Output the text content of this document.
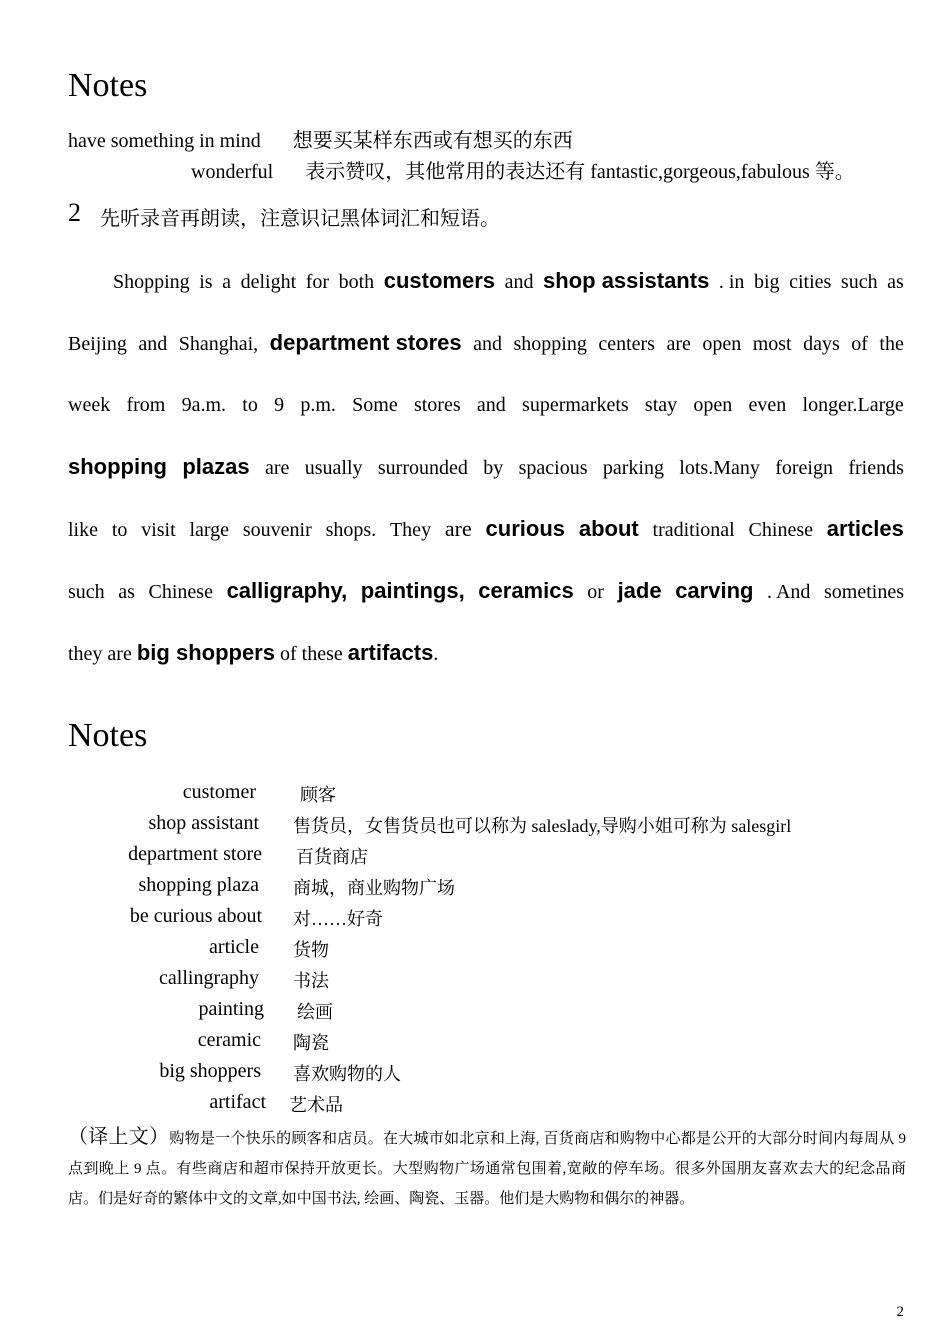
Notes
have something in mind 想要买某样东西或有想买的东西
wonderful 表示赞叹，其他常用的表达还有 fantastic,gorgeous,fabulous 等。
2 先听录音再朗读，注意识记黑体词汇和短语。
Shopping is a delight for both customers and shop assistants . in big cities such as
Beijing and Shanghai, department stores and shopping centers are open most days of the
week from 9a.m. to 9 p.m. Some stores and supermarkets stay open even longer.Large
shopping plazas are usually surrounded by spacious parking lots.Many foreign friends
like to visit large souvenir shops. They are curious about traditional Chinese articles
such as Chinese calligraphy, paintings, ceramics or jade carving . And sometines
they are big shoppers of these artifacts .
Notes
customer 顾客
shop assistant 售货员，女售货员也可以称为 saleslady,导购小姐可称为 salesgirl
department store 百货商店
shopping plaza 商城，商业购物广场
be curious about 对……好奇
article 货物
callingraphy 书法
painting 绘画
ceramic 陶瓷
big shoppers 喜欢购物的人
artifact 艺术品
（译上文）购物是一个快乐的顾客和店员。在大城市如北京和上海, 百货商店和购物中心都是公开的大部分时间内每周从 9 点到晚上 9 点。有些商店和超市保持开放更长。大型购物广场通常包围着,宽敞的停车场。很多外国朋友喜欢去大的纪念品商店。们是好奇的繁体中文的文章,如中国书法, 绘画、陶瓷、玉器。他们是大购物和偶尔的神器。
2
